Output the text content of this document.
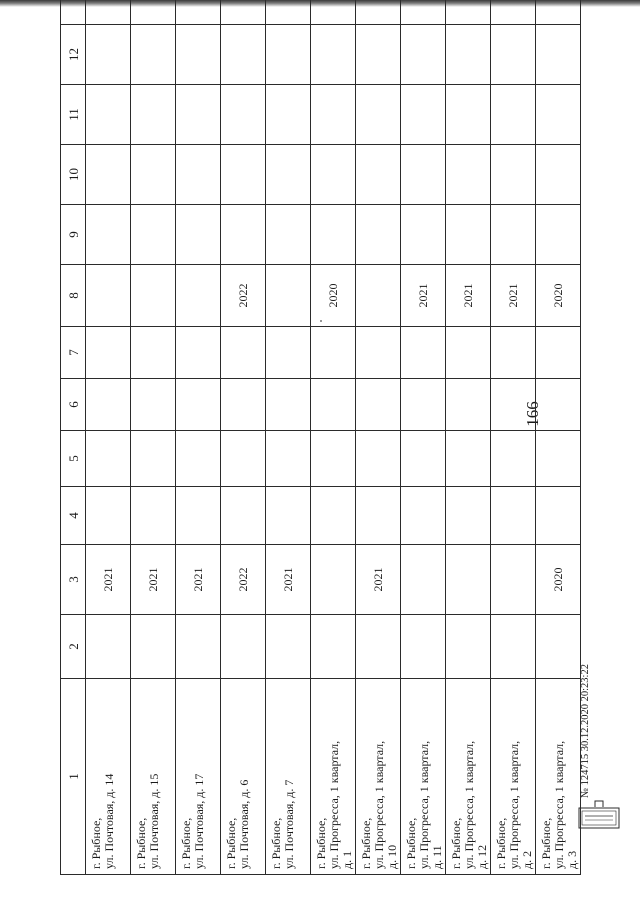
166
1	2	3	4	5	6	7	8	9	10	11	12	

г. Рыбное, ул. Почтовая, д. 14		2021										

г. Рыбное, ул. Почтовая, д. 15		2021										

г. Рыбное, ул. Почтовая, д. 17		2021										

г. Рыбное, ул. Почтовая, д. 6		2022					2022					

г. Рыбное, ул. Почтовая, д. 7		2021										

г. Рыбное, ул. Прогресса, 1 квартал, д. 1							2020					

г. Рыбное, ул. Прогресса, 1 квартал, д. 10		2021										

г. Рыбное, ул. Прогресса, 1 квартал, д. 11							2021					

г. Рыбное, ул. Прогресса, 1 квартал, д. 12							2021					

г. Рыбное, ул. Прогресса, 1 квартал, д. 2							2021					

г. Рыбное, ул. Прогресса, 1 квартал, д. 3		2020					2020					
№ 124715 30.12.2020 20:23:22
